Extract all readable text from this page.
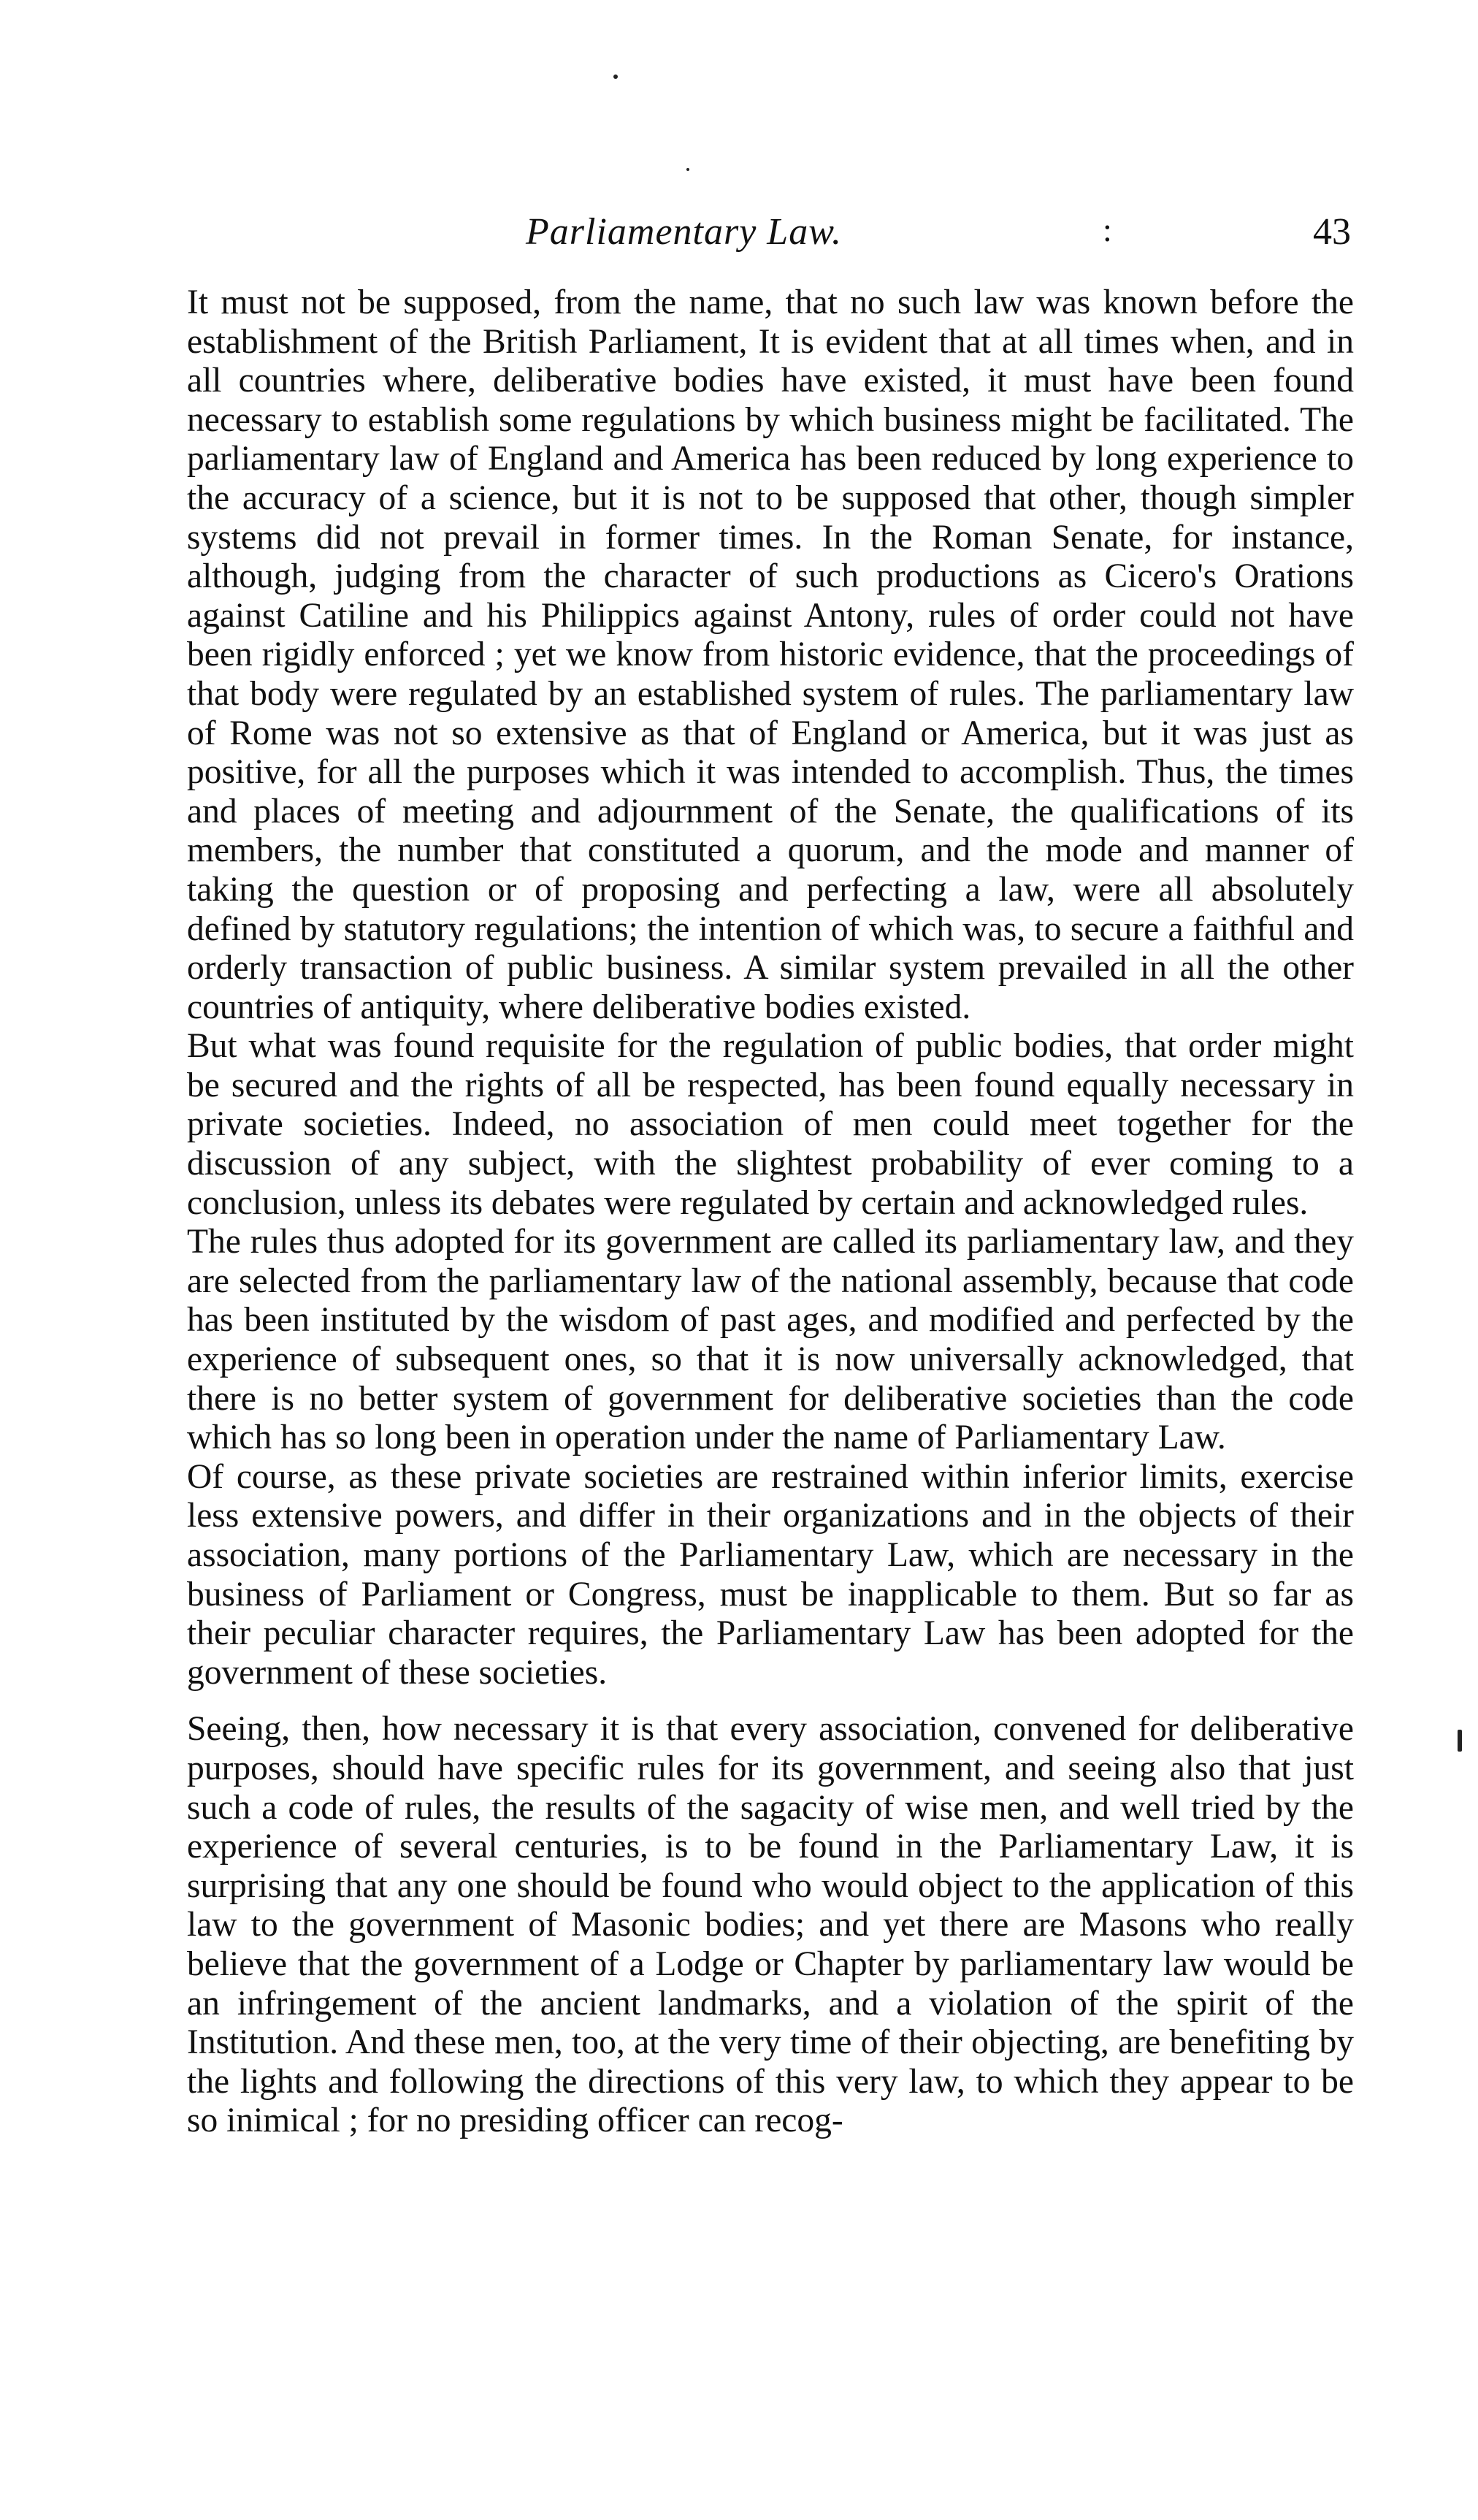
Parliamentary Law.	:	43

It must not be supposed, from the name, that no such law was known before the establishment of the British Parliament, It is evident that at all times when, and in all countries where, deliberative bodies have existed, it must have been found necessary to establish some regulations by which business might be facilitated. The parliamentary law of England and America has been reduced by long experience to the accuracy of a science, but it is not to be supposed that other, though simpler systems did not prevail in former times. In the Roman Senate, for instance, although, judging from the character of such productions as Cicero's Orations against Catiline and his Philippics against Antony, rules of order could not have been rigidly enforced ; yet we know from historic evidence, that the proceedings of that body were regulated by an established system of rules. The parliamentary law of Rome was not so extensive as that of England or America, but it was just as positive, for all the purposes which it was intended to accomplish. Thus, the times and places of meeting and adjournment of the Senate, the qualifications of its members, the number that constituted a quorum, and the mode and manner of taking the question or of proposing and perfecting a law, were all absolutely defined by statutory regulations; the intention of which was, to secure a faithful and orderly transaction of public business. A similar system prevailed in all the other countries of antiquity, where deliberative bodies existed.

But what was found requisite for the regulation of public bodies, that order might be secured and the rights of all be respected, has been found equally necessary in private societies. Indeed, no association of men could meet together for the discussion of any subject, with the slightest probability of ever coming to a conclusion, unless its debates were regulated by certain and acknowledged rules.

The rules thus adopted for its government are called its parliamentary law, and they are selected from the parliamentary law of the national assembly, because that code has been instituted by the wisdom of past ages, and modified and perfected by the experience of subsequent ones, so that it is now universally acknowledged, that there is no better system of government for deliberative societies than the code which has so long been in operation under the name of Parliamentary Law.

Of course, as these private societies are restrained within inferior limits, exercise less extensive powers, and differ in their organizations and in the objects of their association, many portions of the Parliamentary Law, which are necessary in the business of Parliament or Congress, must be inapplicable to them. But so far as their peculiar character requires, the Parliamentary Law has been adopted for the government of these societies.

Seeing, then, how necessary it is that every association, convened for deliberative purposes, should have specific rules for its government, and seeing also that just such a code of rules, the results of the sagacity of wise men, and well tried by the experience of several centuries, is to be found in the Parliamentary Law, it is surprising that any one should be found who would object to the application of this law to the government of Masonic bodies; and yet there are Masons who really believe that the government of a Lodge or Chapter by parliamentary law would be an infringement of the ancient landmarks, and a violation of the spirit of the Institution. And these men, too, at the very time of their objecting, are benefiting by the lights and following the directions of this very law, to which they appear to be so inimical ; for no presiding officer can recog-
